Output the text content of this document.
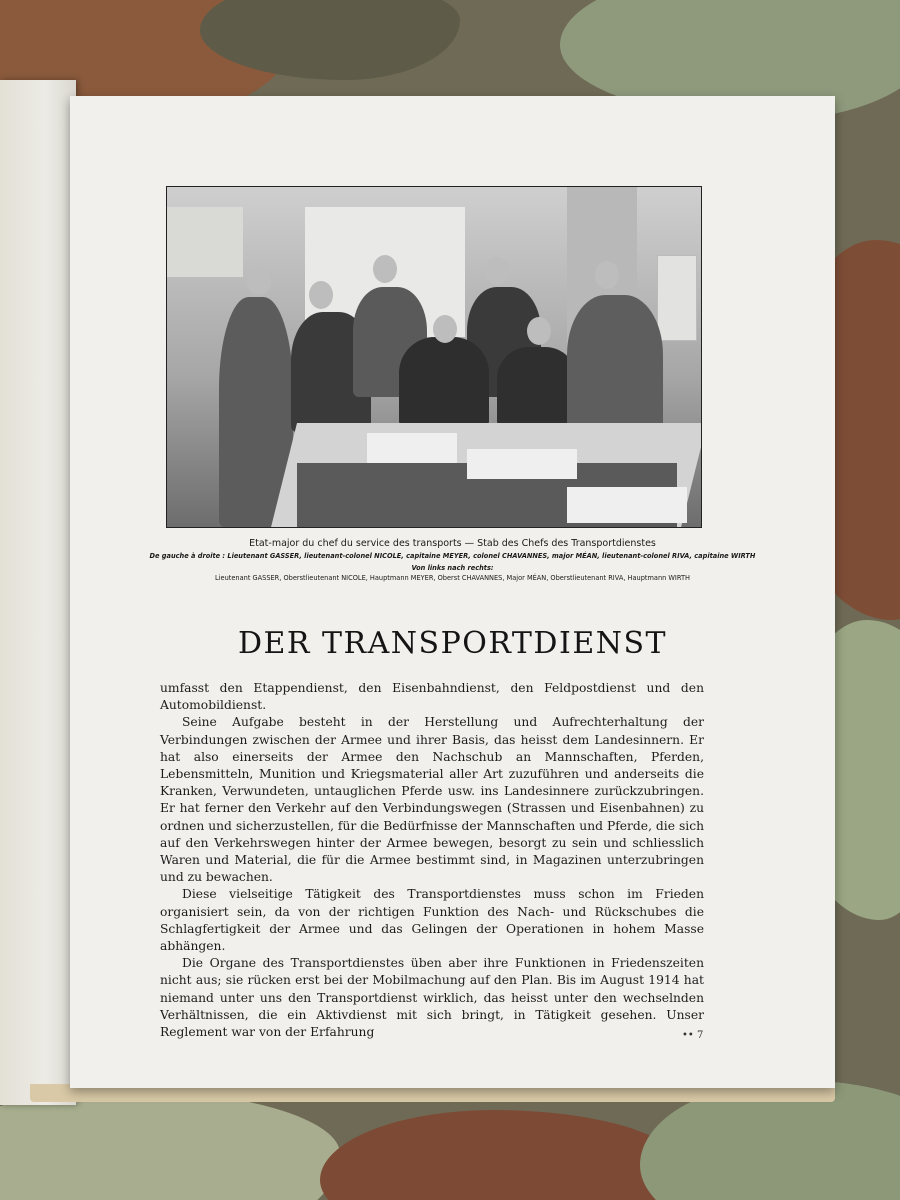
Etat-major du chef du service des transports — Stab des Chefs des Transportdienstes
De gauche à droite : Lieutenant GASSER, lieutenant-colonel NICOLE, capitaine MEYER, colonel CHAVANNES, major MÉAN, lieutenant-colonel RIVA, capitaine WIRTH
Von links nach rechts:
Lieutenant GASSER, Oberstlieutenant NICOLE, Hauptmann MEYER, Oberst CHAVANNES, Major MÉAN, Oberstlieutenant RIVA, Hauptmann WIRTH
DER TRANSPORTDIENST

umfasst den Etappendienst, den Eisenbahndienst, den Feldpostdienst und den Automobildienst.

Seine Aufgabe besteht in der Herstellung und Aufrechterhaltung der Verbindungen zwischen der Armee und ihrer Basis, das heisst dem Landesinnern. Er hat also einerseits der Armee den Nachschub an Mannschaften, Pferden, Lebensmitteln, Munition und Kriegsmaterial aller Art zuzuführen und anderseits die Kranken, Verwundeten, untauglichen Pferde usw. ins Landesinnere zurückzubringen. Er hat ferner den Verkehr auf den Verbindungswegen (Strassen und Eisenbahnen) zu ordnen und sicherzustellen, für die Bedürfnisse der Mannschaften und Pferde, die sich auf den Verkehrswegen hinter der Armee bewegen, besorgt zu sein und schliesslich Waren und Material, die für die Armee bestimmt sind, in Magazinen unterzubringen und zu bewachen.

Diese vielseitige Tätigkeit des Transportdienstes muss schon im Frieden organisiert sein, da von der richtigen Funktion des Nach- und Rückschubes die Schlagfertigkeit der Armee und das Gelingen der Operationen in hohem Masse abhängen.

Die Organe des Transportdienstes üben aber ihre Funktionen in Friedenszeiten nicht aus; sie rücken erst bei der Mobilmachung auf den Plan. Bis im August 1914 hat niemand unter uns den Transportdienst wirklich, das heisst unter den wechselnden Verhältnissen, die ein Aktivdienst mit sich bringt, in Tätigkeit gesehen. Unser Reglement war von der Erfahrung	•• 7
